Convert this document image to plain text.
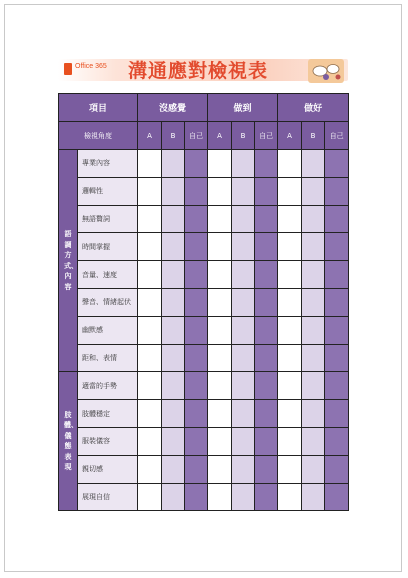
Office 365 溝通應對檢視表
項目		沒感覺			做到			做好		
檢視角度		A	B	自己	A	B	自己	A	B	自己

語調方式、內容	專業內容									
	邏輯性									
	無語贅詞									
	時間掌握									
	音量、速度									
	聲音、情緒起伏									
	幽默感									
	距和、表情									

肢體、儀態表現	適當的手勢									
	肢體穩定									
	服裝儀容									
	親切感									
	展現自信									
